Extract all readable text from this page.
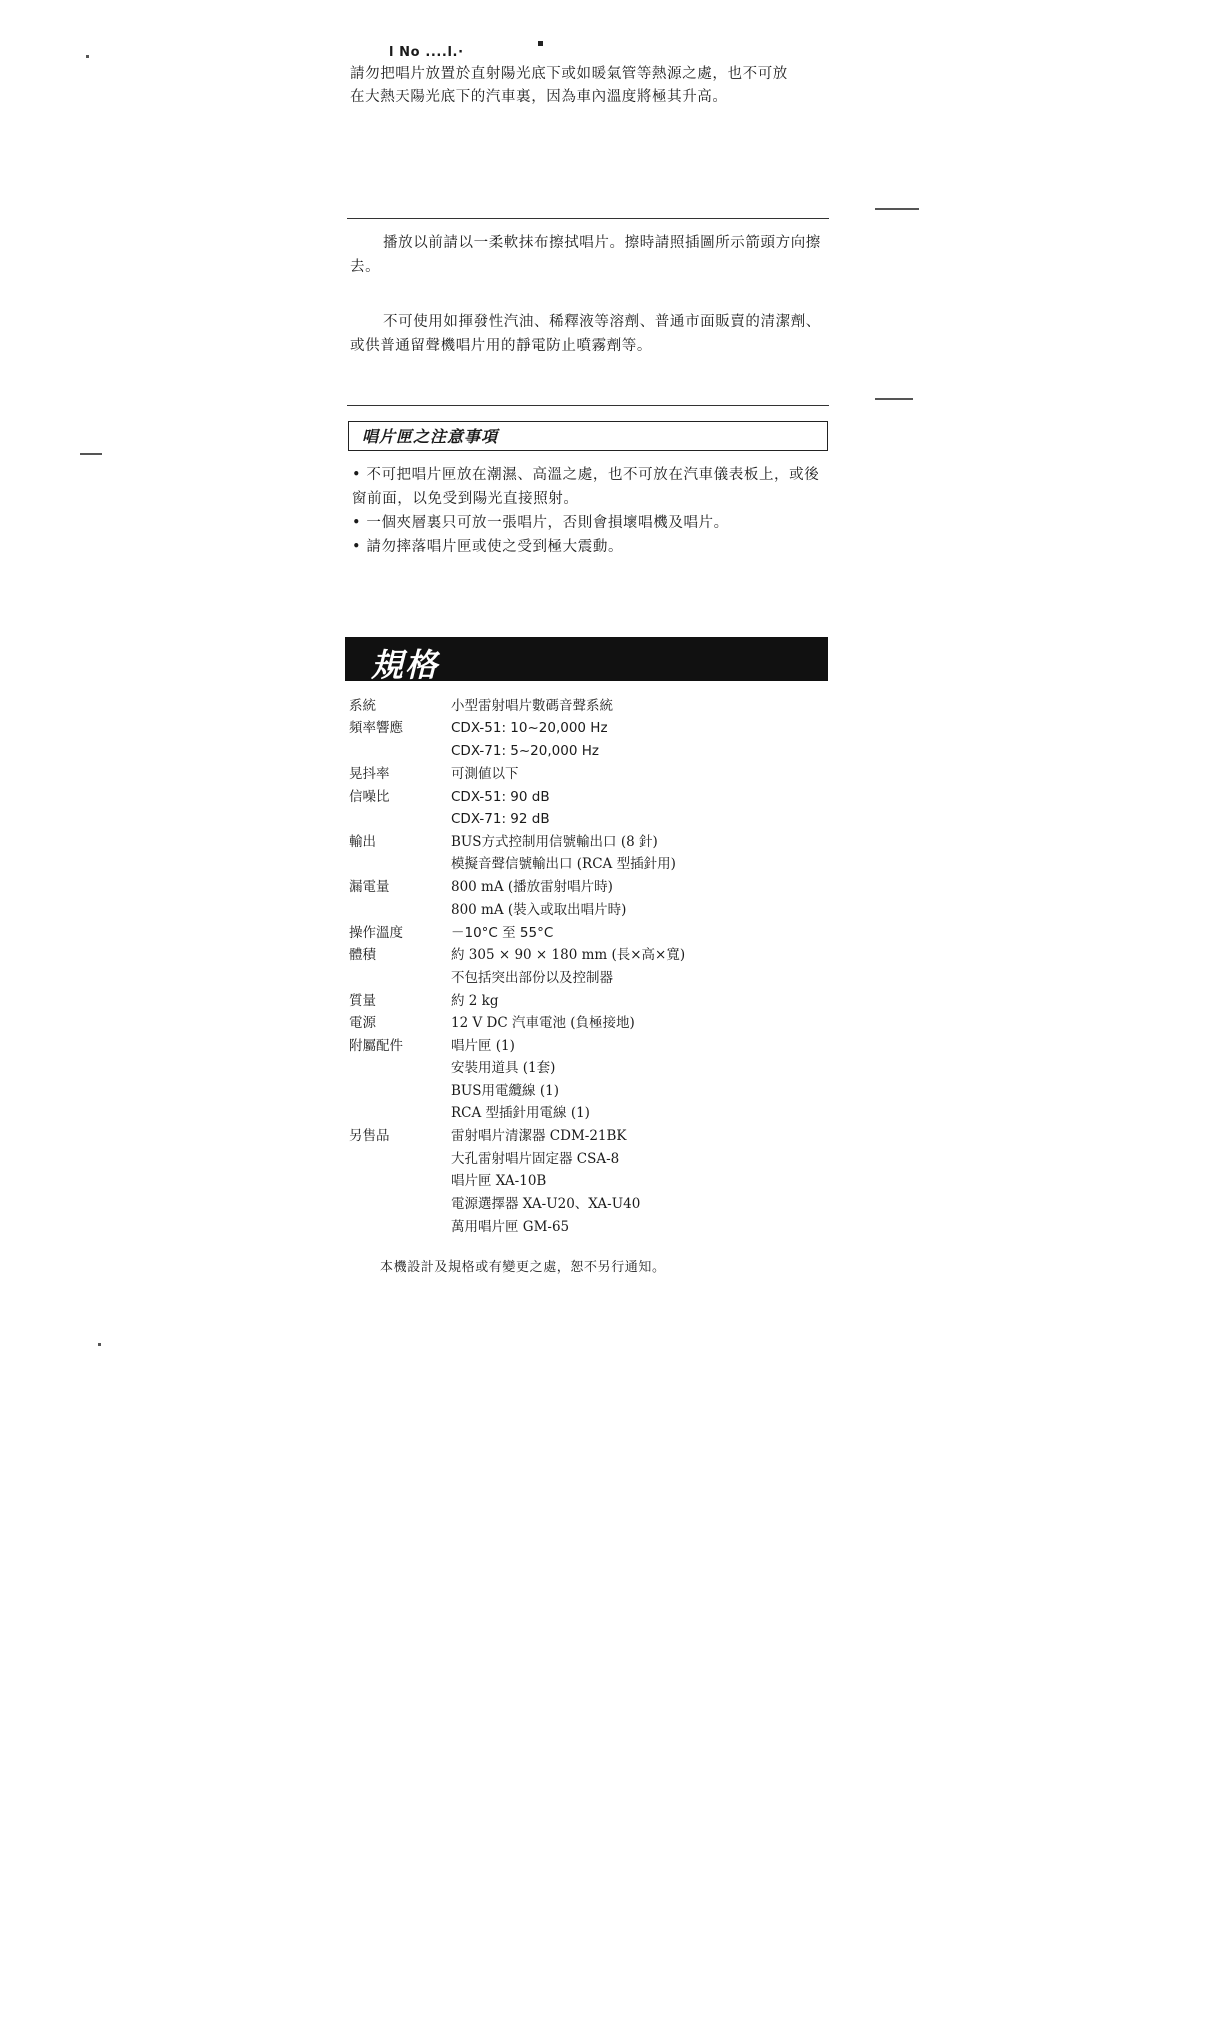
l No ....l.·
請勿把唱片放置於直射陽光底下或如暖氣管等熱源之處，也不可放
在大熱天陽光底下的汽車裏，因為車內溫度將極其升高。
播放以前請以一柔軟抹布擦拭唱片。擦時請照插圖所示箭頭方向擦
去。
不可使用如揮發性汽油、稀釋液等溶劑、普通市面販賣的清潔劑、
或供普通留聲機唱片用的靜電防止噴霧劑等。
唱片匣之注意事項
• 不可把唱片匣放在潮濕、高溫之處，也不可放在汽車儀表板上，或後
窗前面，以免受到陽光直接照射。
• 一個夾層裏只可放一張唱片，否則會損壞唱機及唱片。
• 請勿摔落唱片匣或使之受到極大震動。
規格
系統
頻率響應
晃抖率
信噪比
輸出
漏電量
操作溫度
體積
質量
電源
附屬配件
另售品
小型雷射唱片數碼音聲系統
CDX-51: 10~20,000 Hz
CDX-71: 5~20,000 Hz
可測値以下
CDX-51: 90 dB
CDX-71: 92 dB
BUS方式控制用信號輸出口 (8 針)
模擬音聲信號輸出口 (RCA 型插針用)
800 mA (播放雷射唱片時)
800 mA (裝入或取出唱片時)
－10°C 至 55°C
約 305 × 90 × 180 mm (長×高×寬)
不包括突出部份以及控制器
約 2 kg
12 V DC 汽車電池 (負極接地)
唱片匣 (1)
安裝用道具 (1套)
BUS用電纜線 (1)
RCA 型插針用電線 (1)
雷射唱片清潔器 CDM-21BK
大孔雷射唱片固定器 CSA-8
唱片匣 XA-10B
電源選擇器 XA-U20、XA-U40
萬用唱片匣 GM-65
本機設計及規格或有變更之處，恕不另行通知。
